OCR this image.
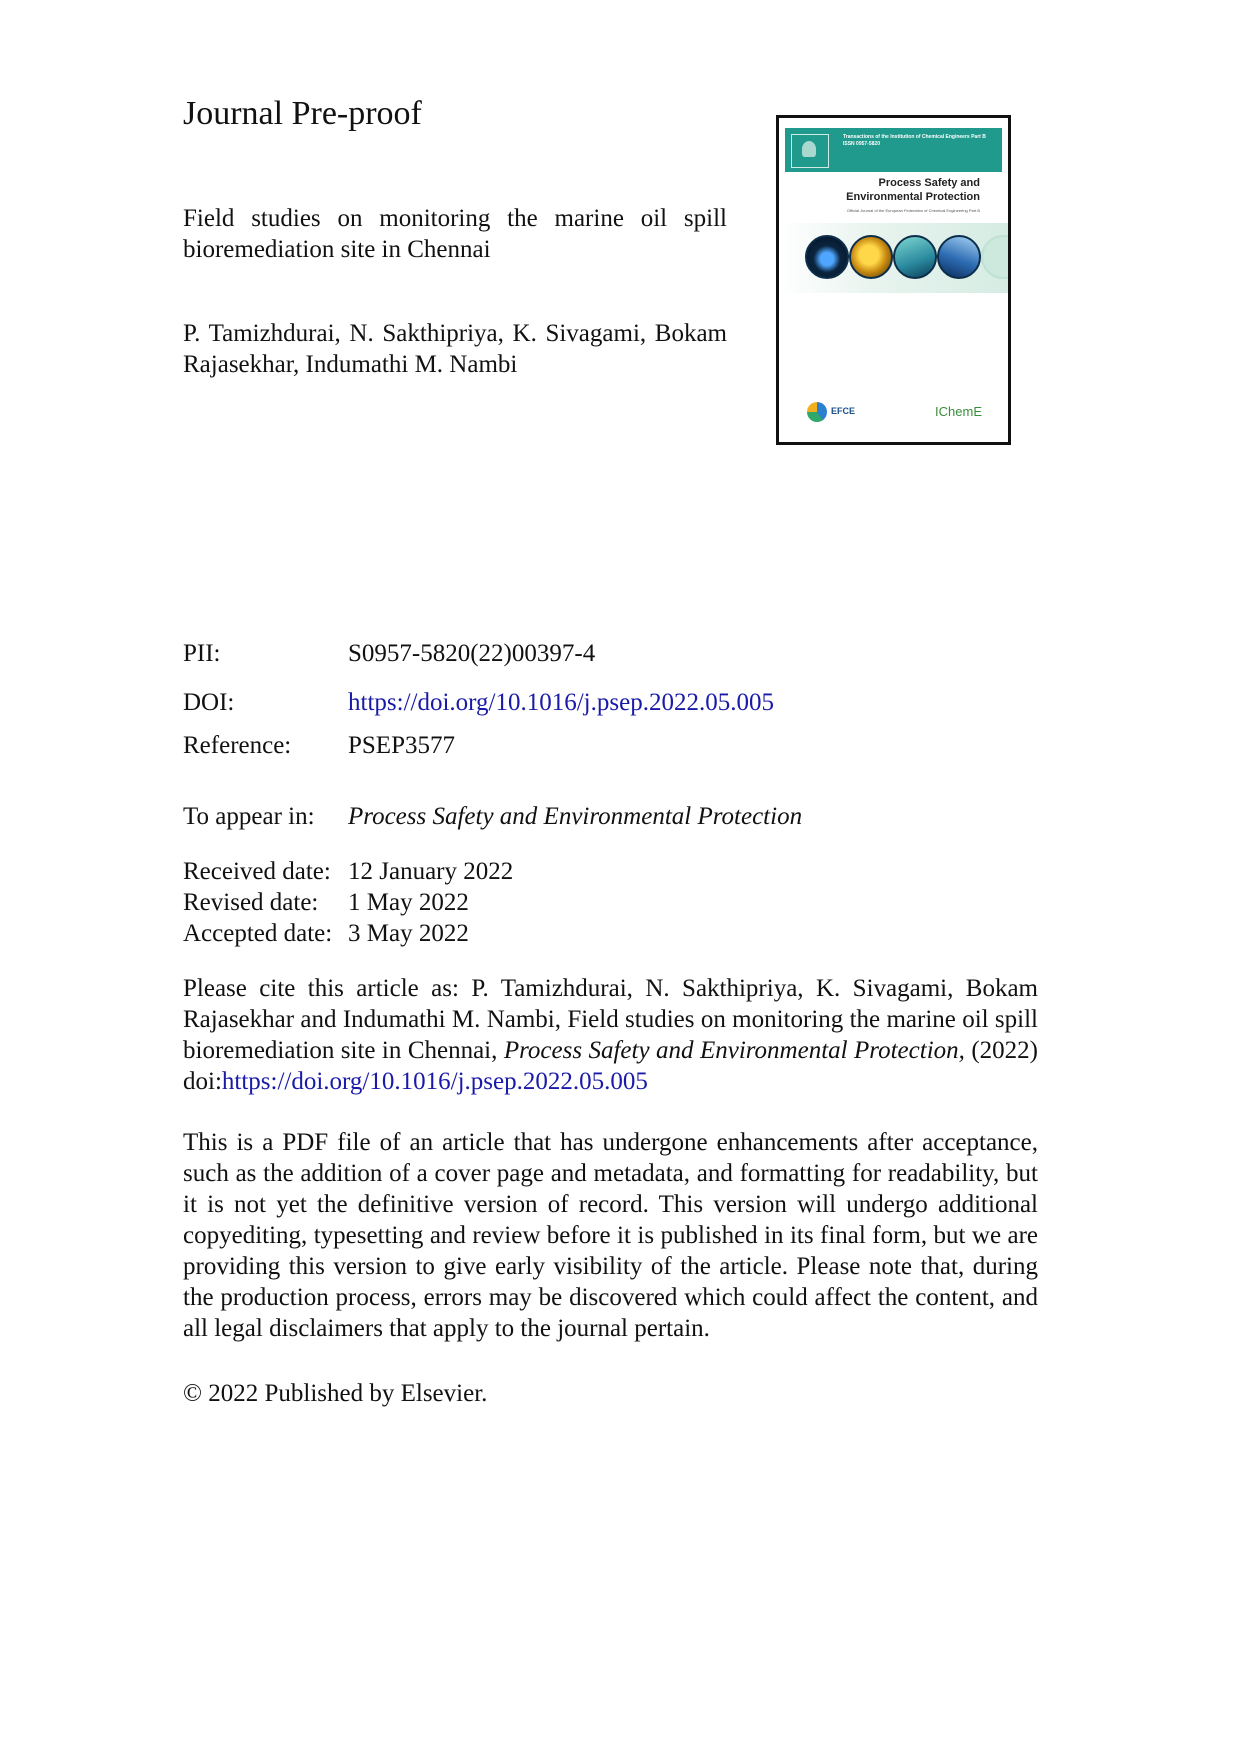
Journal Pre-proof
Field studies on monitoring the marine oil spill bioremediation site in Chennai
P. Tamizhdurai, N. Sakthipriya, K. Sivagami, Bokam Rajasekhar, Indumathi M. Nambi
Transactions of the Institution of Chemical Engineers Part B ISSN 0957-5820
Process Safety and
Environmental Protection
Official Journal of the European Federation of Chemical Engineering Part B
EFCE	IChemE
PII:	S0957-5820(22)00397-4
DOI:	https://doi.org/10.1016/j.psep.2022.05.005
Reference: PSEP3577
To appear in: Process Safety and Environmental Protection
Received date: 12 January 2022
Revised date: 1 May 2022
Accepted date: 3 May 2022
Please cite this article as: P. Tamizhdurai, N. Sakthipriya, K. Sivagami, Bokam Rajasekhar and Indumathi M. Nambi, Field studies on monitoring the marine oil spill bioremediation site in Chennai, Process Safety and Environmental Protection, (2022) doi:https://doi.org/10.1016/j.psep.2022.05.005
This is a PDF file of an article that has undergone enhancements after acceptance, such as the addition of a cover page and metadata, and formatting for readability, but it is not yet the definitive version of record. This version will undergo additional copyediting, typesetting and review before it is published in its final form, but we are providing this version to give early visibility of the article. Please note that, during the production process, errors may be discovered which could affect the content, and all legal disclaimers that apply to the journal pertain.
© 2022 Published by Elsevier.
